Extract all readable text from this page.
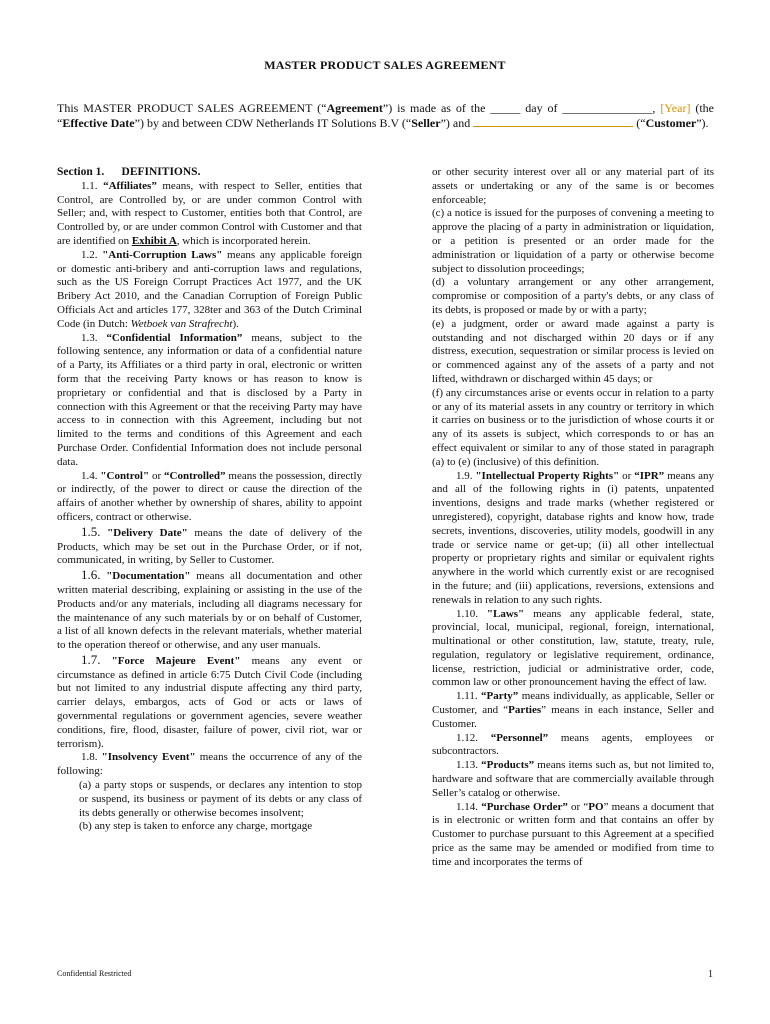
MASTER PRODUCT SALES AGREEMENT
This MASTER PRODUCT SALES AGREEMENT (“Agreement”) is made as of the _____ day of _______________, [Year] (the “Effective Date”) by and between CDW Netherlands IT Solutions B.V (“Seller”) and	(“Customer”).

Section 1.      DEFINITIONS.

1.1. “Affiliates” means, with respect to Seller, entities that Control, are Controlled by, or are under common Control with Seller; and, with respect to Customer, entities both that Control, are Controlled by, or are under common Control with Customer and that are identified on Exhibit A, which is incorporated herein.

1.2. "Anti-Corruption Laws" means any applicable foreign or domestic anti-bribery and anti-corruption laws and regulations, such as the US Foreign Corrupt Practices Act 1977, and the UK Bribery Act 2010, and the Canadian Corruption of Foreign Public Officials Act and articles 177, 328ter and 363 of the Dutch Criminal Code (in Dutch: Wetboek van Strafrecht).

1.3. “Confidential Information” means, subject to the following sentence, any information or data of a confidential nature of a Party, its Affiliates or a third party in oral, electronic or written form that the receiving Party knows or has reason to know is proprietary or confidential and that is disclosed by a Party in connection with this Agreement or that the receiving Party may have access to in connection with this Agreement, including but not limited to the terms and conditions of this Agreement and each Purchase Order. Confidential Information does not include personal data.

1.4. "Control" or “Controlled” means the possession, directly or indirectly, of the power to direct or cause the direction of the affairs of another whether by ownership of shares, ability to appoint officers, contract or otherwise.

1.5. "Delivery Date" means the date of delivery of the Products, which may be set out in the Purchase Order, or if not, communicated, in writing, by Seller to Customer.

1.6. "Documentation" means all documentation and other written material describing, explaining or assisting in the use of the Products and/or any materials, including all diagrams necessary for the maintenance of any such materials by or on behalf of Customer, a list of all known defects in the relevant materials, whether material to the operation thereof or otherwise, and any user manuals.

1.7. "Force Majeure Event" means any event or circumstance as defined in article 6:75 Dutch Civil Code (including but not limited to any industrial dispute affecting any third party, carrier delays, embargos, acts of God or acts or laws of governmental regulations or government agencies, severe weather conditions, fire, flood, disaster, failure of power, civil riot, war or terrorism).

1.8. "Insolvency Event" means the occurrence of any of the following:

(a) a party stops or suspends, or declares any intention to stop or suspend, its business or payment of its debts or any class of its debts generally or otherwise becomes insolvent;

(b) any step is taken to enforce any charge, mortgage

or other security interest over all or any material part of its assets or undertaking or any of the same is or becomes enforceable;

(c) a notice is issued for the purposes of convening a meeting to approve the placing of a party in administration or liquidation, or a petition is presented or an order made for the administration or liquidation of a party or otherwise become subject to dissolution proceedings;

(d) a voluntary arrangement or any other arrangement, compromise or composition of a party's debts, or any class of its debts, is proposed or made by or with a party;

(e) a judgment, order or award made against a party is outstanding and not discharged within 20 days or if any distress, execution, sequestration or similar process is levied on or commenced against any of the assets of a party and not lifted, withdrawn or discharged within 45 days; or

(f) any circumstances arise or events occur in relation to a party or any of its material assets in any country or territory in which it carries on business or to the jurisdiction of whose courts it or any of its assets is subject, which corresponds to or has an effect equivalent or similar to any of those stated in paragraph (a) to (e) (inclusive) of this definition.

1.9. "Intellectual Property Rights" or “IPR” means any and all of the following rights in (i) patents, unpatented inventions, designs and trade marks (whether registered or unregistered), copyright, database rights and know how, trade secrets, inventions, discoveries, utility models, goodwill in any trade or service name or get-up; (ii) all other intellectual property or proprietary rights and similar or equivalent rights anywhere in the world which currently exist or are recognised in the future; and (iii) applications, reversions, extensions and renewals in relation to any such rights.

1.10. "Laws" means any applicable federal, state, provincial, local, municipal, regional, foreign, international, multinational or other constitution, law, statute, treaty, rule, regulation, regulatory or legislative requirement, ordinance, license, restriction, judicial or administrative order, code, common law or other pronouncement having the effect of law.

1.11. “Party” means individually, as applicable, Seller or Customer, and “Parties” means in each instance, Seller and Customer.

1.12. “Personnel” means agents, employees or subcontractors.

1.13. “Products” means items such as, but not limited to, hardware and software that are commercially available through Seller’s catalog or otherwise.

1.14. “Purchase Order” or “PO” means a document that is in electronic or written form and that contains an offer by Customer to purchase pursuant to this Agreement at a specified price as the same may be amended or modified from time to time and incorporates the terms of

Confidential Restricted	1
